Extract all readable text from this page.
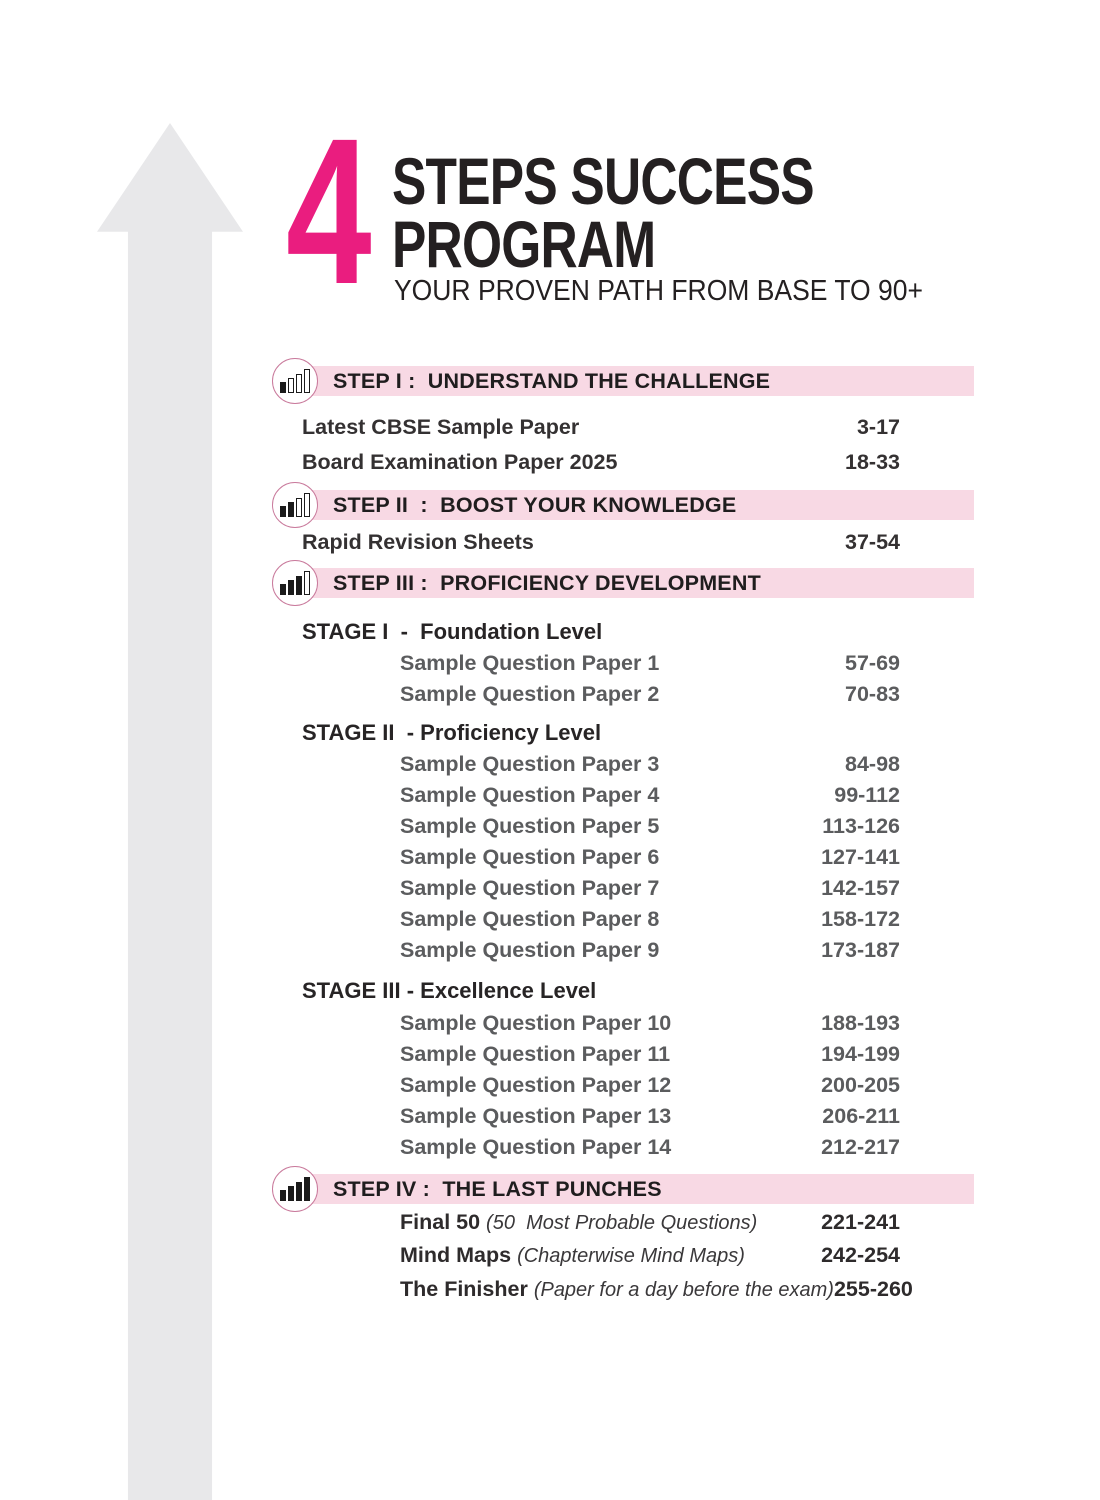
4 STEPS SUCCESS
PROGRAM
YOUR PROVEN PATH FROM BASE TO 90+
STEP I :  UNDERSTAND THE CHALLENGE
Latest CBSE Sample Paper	3-17
Board Examination Paper 2025	18-33
STEP II  :  BOOST YOUR KNOWLEDGE
Rapid Revision Sheets	37-54
STEP III :  PROFICIENCY DEVELOPMENT
STAGE I  -  Foundation Level
Sample Question Paper 1	57-69
Sample Question Paper 2	70-83
STAGE II  - Proficiency Level
Sample Question Paper 3	84-98
Sample Question Paper 4	99-112
Sample Question Paper 5	113-126
Sample Question Paper 6	127-141
Sample Question Paper 7	142-157
Sample Question Paper 8	158-172
Sample Question Paper 9	173-187
STAGE III - Excellence Level
Sample Question Paper 10	188-193
Sample Question Paper 11	194-199
Sample Question Paper 12	200-205
Sample Question Paper 13	206-211
Sample Question Paper 14	212-217
STEP IV :  THE LAST PUNCHES
Final 50 (50  Most Probable Questions)	221-241
Mind Maps (Chapterwise Mind Maps)	242-254
The Finisher (Paper for a day before the exam) 255-260
